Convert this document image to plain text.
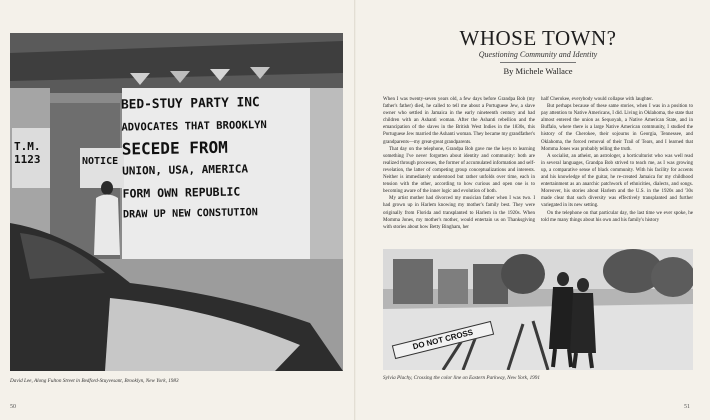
BED-STUY PARTY INC
ADVOCATES THAT BROOKLYN
SECEDE FROM
UNION, USA, AMERICA
FORM OWN REPUBLIC
DRAW UP NEW CONSTUTION
T.M. 1123	NOTICE
David Lee, Along Fulton Street in Bedford-Stuyvesant, Brooklyn, New York, 1983
50
WHOSE TOWN?
Questioning Community and Identity
By Michele Wallace

When I was twenty-seven years old, a few days before Grandpa Bob (my father's father) died, he called to tell me about a Portuguese Jew, a slave owner who settled in Jamaica in the early nineteenth century and had children with an Ashanti woman. After the Ashanti rebellion and the emancipation of the slaves in the British West Indies in the 1830s, this Portuguese Jew married the Ashanti woman. They became my grandfather's grandparents—my great-great grandparents.

That day on the telephone, Grandpa Bob gave me the keys to learning something I've never forgotten about identity and community: both are realized through processes, the former of accumulated information and self-revelation, the latter of competing group conceptualizations and interests. Neither is immediately understood but rather unfolds over time, each in tension with the other, according to how curious and open one is to becoming aware of the inner logic and evolution of both.

My artist mother had divorced my musician father when I was two. I had grown up in Harlem knowing my mother's family best. They were originally from Florida and transplanted to Harlem in the 1920s. When Momma Jones, my mother's mother, would entertain us on Thanksgiving with stories about how Betty Bingham, her

half Cherokee, everybody would collapse with laughter.

But perhaps because of these same stories, when I was in a position to pay attention to Native Americans, I did. Living in Oklahoma, the state that almost entered the union as Sequoyah, a Native American State, and in Buffalo, where there is a large Native American community, I studied the history of the Cherokee, their sojourns in Georgia, Tennessee, and Oklahoma, the forced removal of their Trail of Tears, and I learned that Momma Jones was probably telling the truth.

A socialist, an atheist, an astrologer, a horticulturist who was well read in several languages, Grandpa Bob strived to teach me, as I was growing up, a comparative sense of black community. With his facility for accents and his knowledge of the guitar, he re-created Jamaica for my childhood entertainment as an anarchic patchwork of ethnicities, dialects, and songs. Moreover, his stories about Harlem and the U.S. in the 1920s and '30s made clear that such diversity was effectively transplanted and further variegated in its new setting.

On the telephone on that particular day, the last time we ever spoke, he told me many things about his own and his family's history

DO NOT CROSS
Sylvia Plachy, Crossing the color line on Eastern Parkway, New York, 1991
51
